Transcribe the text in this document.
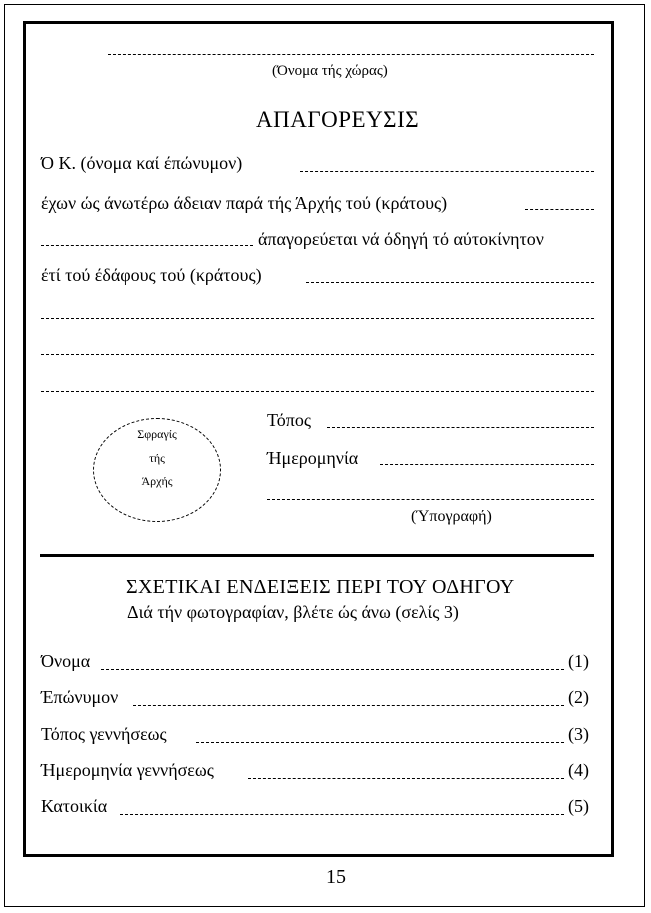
(Όνομα τής χώρας)
ΑΠΑΓΟΡΕΥΣΙΣ
Ό Κ. (όνομα καί έπώνυμον)
έχων ώς άνωτέρω άδειαν παρά τής Άρχής τού (κράτους)
άπαγορεύεται νά όδηγή τό αύτοκίνητον
έτί τού έδάφους τού (κράτους)
Σφραγίς
τής
Άρχής
Τόπος
Ήμερομηνία
(Ύπογραφή)
ΣΧΕΤΙΚΑΙ ΕΝΔΕΙΞΕΙΣ ΠΕΡΙ ΤΟΥ ΟΔΗΓΟΥ
Διά τήν φωτογραφίαν, βλέτε ώς άνω (σελίς 3)
Όνομα	(1)
Έπώνυμον	(2)
Τόπος γεννήσεως	(3)
Ήμερομηνία γεννήσεως	(4)
Κατοικία	(5)
15
